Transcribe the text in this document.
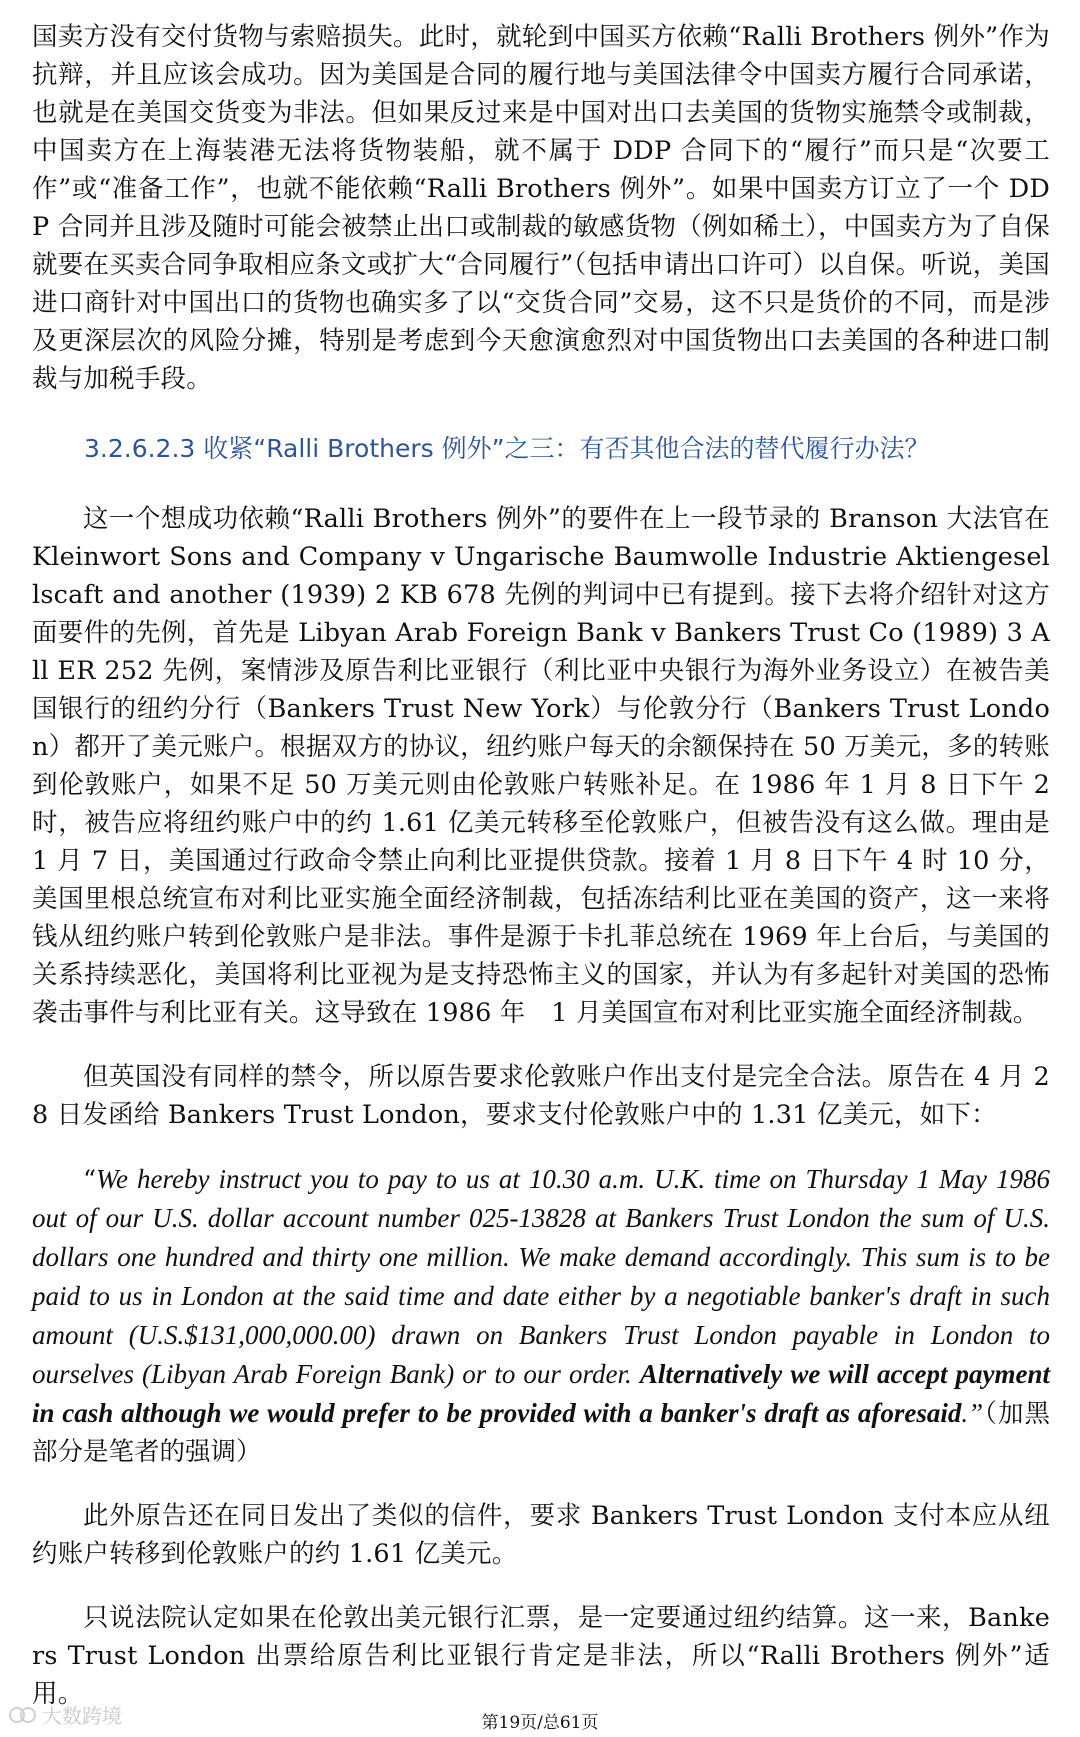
国卖方没有交付货物与索赔损失。此时，就轮到中国买方依赖“Ralli Brothers 例外”作为抗辩，并且应该会成功。因为美国是合同的履行地与美国法律令中国卖方履行合同承诺，也就是在美国交货变为非法。但如果反过来是中国对出口去美国的货物实施禁令或制裁，中国卖方在上海装港无法将货物装船，就不属于 DDP 合同下的“履行”而只是“次要工作”或“准备工作”，也就不能依赖“Ralli Brothers 例外”。如果中国卖方订立了一个 DDP 合同并且涉及随时可能会被禁止出口或制裁的敏感货物（例如稀土），中国卖方为了自保就要在买卖合同争取相应条文或扩大“合同履行”（包括申请出口许可）以自保。听说，美国进口商针对中国出口的货物也确实多了以“交货合同”交易，这不只是货价的不同，而是涉及更深层次的风险分摊，特别是考虑到今天愈演愈烈对中国货物出口去美国的各种进口制裁与加税手段。

3.2.6.2.3 收紧“Ralli Brothers 例外”之三：有否其他合法的替代履行办法？

这一个想成功依赖“Ralli Brothers 例外”的要件在上一段节录的 Branson 大法官在 Kleinwort Sons and Company v Ungarische Baumwolle Industrie Aktiengesellscaft and another (1939) 2 KB 678 先例的判词中已有提到。接下去将介绍针对这方面要件的先例，首先是 Libyan Arab Foreign Bank v Bankers Trust Co (1989) 3 All ER 252 先例，案情涉及原告利比亚银行（利比亚中央银行为海外业务设立）在被告美国银行的纽约分行（Bankers Trust New York）与伦敦分行（Bankers Trust London）都开了美元账户。根据双方的协议，纽约账户每天的余额保持在 50 万美元，多的转账到伦敦账户，如果不足 50 万美元则由伦敦账户转账补足。在 1986 年 1 月 8 日下午 2 时，被告应将纽约账户中的约 1.61 亿美元转移至伦敦账户，但被告没有这么做。理由是 1 月 7 日，美国通过行政命令禁止向利比亚提供贷款。接着 1 月 8 日下午 4 时 10 分，美国里根总统宣布对利比亚实施全面经济制裁，包括冻结利比亚在美国的资产，这一来将钱从纽约账户转到伦敦账户是非法。事件是源于卡扎菲总统在 1969 年上台后，与美国的关系持续恶化，美国将利比亚视为是支持恐怖主义的国家，并认为有多起针对美国的恐怖袭击事件与利比亚有关。这导致在 1986 年　1 月美国宣布对利比亚实施全面经济制裁。

但英国没有同样的禁令，所以原告要求伦敦账户作出支付是完全合法。原告在 4 月 28 日发函给 Bankers Trust London，要求支付伦敦账户中的 1.31 亿美元，如下：

“We hereby instruct you to pay to us at 10.30 a.m. U.K. time on Thursday 1 May 1986 out of our U.S. dollar account number 025-13828 at Bankers Trust London the sum of U.S. dollars one hundred and thirty one million. We make demand accordingly. This sum is to be paid to us in London at the said time and date either by a negotiable banker's draft in such amount (U.S.$131,000,000.00) drawn on Bankers Trust London payable in London to ourselves (Libyan Arab Foreign Bank) or to our order. Alternatively we will accept payment in cash although we would prefer to be provided with a banker's draft as aforesaid.”（加黑部分是笔者的强调）

此外原告还在同日发出了类似的信件，要求 Bankers Trust London 支付本应从纽约账户转移到伦敦账户的约 1.61 亿美元。

只说法院认定如果在伦敦出美元银行汇票，是一定要通过纽约结算。这一来，Bankers Trust London 出票给原告利比亚银行肯定是非法，所以“Ralli Brothers 例外”适用。

大数跨境	第19页/总61页
